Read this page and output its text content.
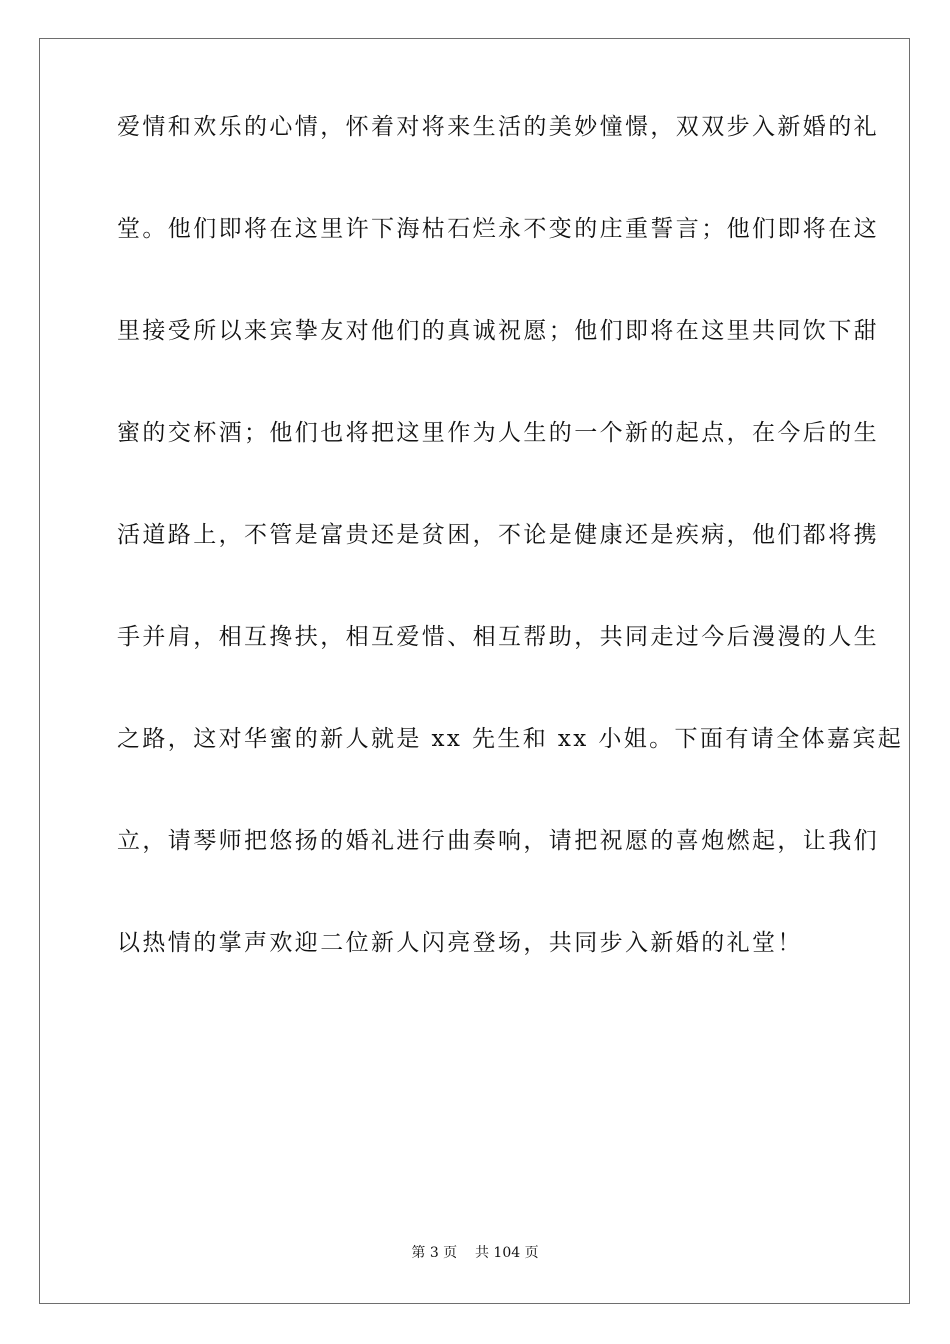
爱情和欢乐的心情，怀着对将来生活的美妙憧憬，双双步入新婚的礼
堂。他们即将在这里许下海枯石烂永不变的庄重誓言；他们即将在这
里接受所以来宾挚友对他们的真诚祝愿；他们即将在这里共同饮下甜
蜜的交杯酒；他们也将把这里作为人生的一个新的起点，在今后的生
活道路上，不管是富贵还是贫困，不论是健康还是疾病，他们都将携
手并肩，相互搀扶，相互爱惜、相互帮助，共同走过今后漫漫的人生
之路，这对华蜜的新人就是 xx 先生和 xx 小姐。下面有请全体嘉宾起
立，请琴师把悠扬的婚礼进行曲奏响，请把祝愿的喜炮燃起，让我们
以热情的掌声欢迎二位新人闪亮登场，共同步入新婚的礼堂！
第 3 页    共 104 页
